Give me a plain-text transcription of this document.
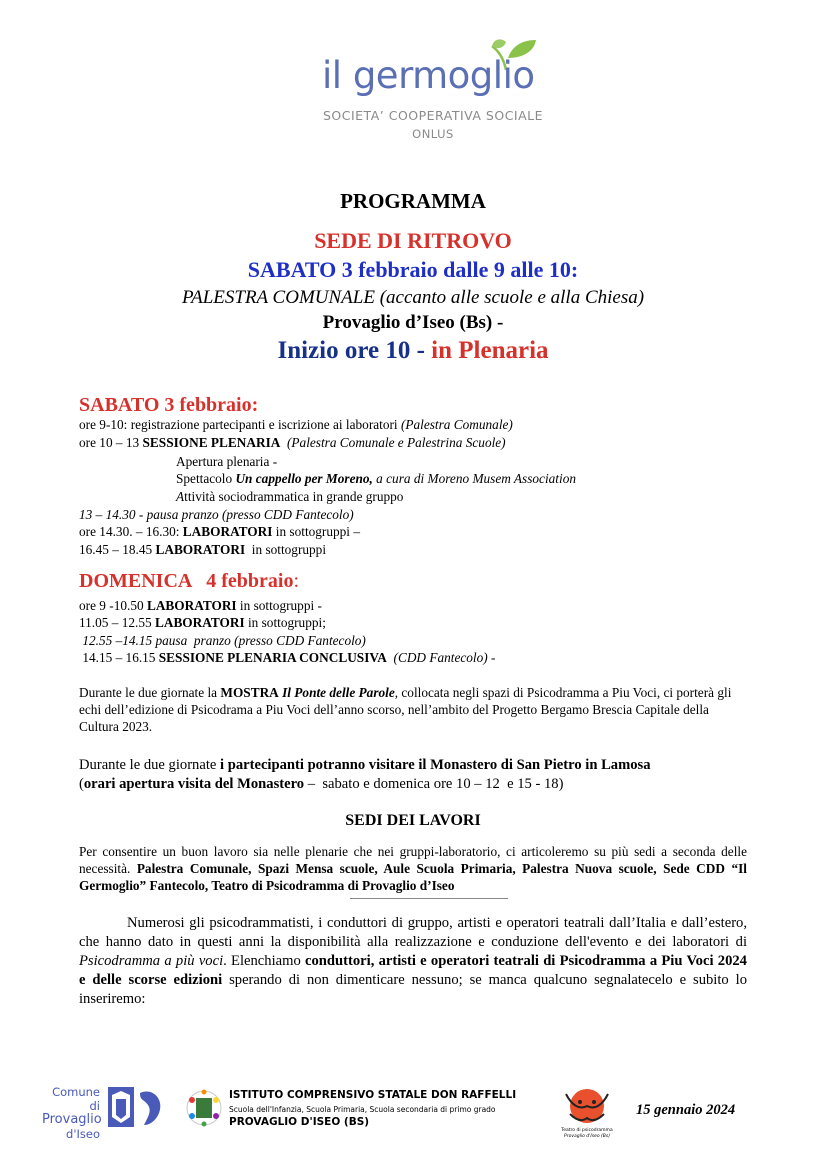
il germoglio
SOCIETA’ COOPERATIVA SOCIALE
ONLUS
PROGRAMMA
SEDE DI RITROVO
SABATO 3 febbraio dalle 9 alle 10:
PALESTRA COMUNALE (accanto alle scuole e alla Chiesa)
Provaglio d’Iseo (Bs) -
Inizio ore 10 - in Plenaria
SABATO 3 febbraio:
ore 9-10: registrazione partecipanti e iscrizione ai laboratori (Palestra Comunale)
ore 10 – 13 SESSIONE PLENARIA  (Palestra Comunale e Palestrina Scuole)
Apertura plenaria -
Spettacolo Un cappello per Moreno, a cura di Moreno Musem Association
Attività sociodrammatica in grande gruppo
13 – 14.30 - pausa pranzo (presso CDD Fantecolo)
ore 14.30. – 16.30: LABORATORI in sottogruppi –
16.45 – 18.45 LABORATORI  in sottogruppi
DOMENICA   4 febbraio:
ore 9 -10.50 LABORATORI in sottogruppi -
11.05 – 12.55 LABORATORI in sottogruppi;
12.55 –14.15 pausa  pranzo (presso CDD Fantecolo)
14.15 – 16.15 SESSIONE PLENARIA CONCLUSIVA  (CDD Fantecolo) -
Durante le due giornate la MOSTRA Il Ponte delle Parole, collocata negli spazi di Psicodramma a Piu Voci, ci porterà gli echi dell’edizione di Psicodrama a Piu Voci dell’anno scorso, nell’ambito del Progetto Bergamo Brescia Capitale della Cultura 2023.
Durante le due giornate i partecipanti potranno visitare il Monastero di San Pietro in Lamosa
(orari apertura visita del Monastero –  sabato e domenica ore 10 – 12  e 15 - 18)
SEDI DEI LAVORI
Per consentire un buon lavoro sia nelle plenarie che nei gruppi-laboratorio, ci articoleremo su più sedi a seconda delle necessità. Palestra Comunale, Spazi Mensa scuole, Aule Scuola Primaria, Palestra Nuova scuole, Sede CDD “Il Germoglio” Fantecolo, Teatro di Psicodramma di Provaglio d’Iseo
Numerosi gli psicodrammatisti, i conduttori di gruppo, artisti e operatori teatrali dall’Italia e dall’estero, che hanno dato in questi anni la disponibilità alla realizzazione e conduzione dell'evento e dei laboratori di Psicodramma a più voci. Elenchiamo conduttori, artisti e operatori teatrali di Psicodramma a Piu Voci 2024 e delle scorse edizioni sperando di non dimenticare nessuno; se manca qualcuno segnalatecelo e subito lo inseriremo:
Comune di
Provaglio
d'Iseo
ISTITUTO COMPRENSIVO STATALE DON RAFFELLI
Scuola dell'Infanzia, Scuola Primaria, Scuola secondaria di primo grado
PROVAGLIO D'ISEO (BS)
Teatro di psicodramma
Provaglio d'Iseo (Bs)
15 gennaio 2024
